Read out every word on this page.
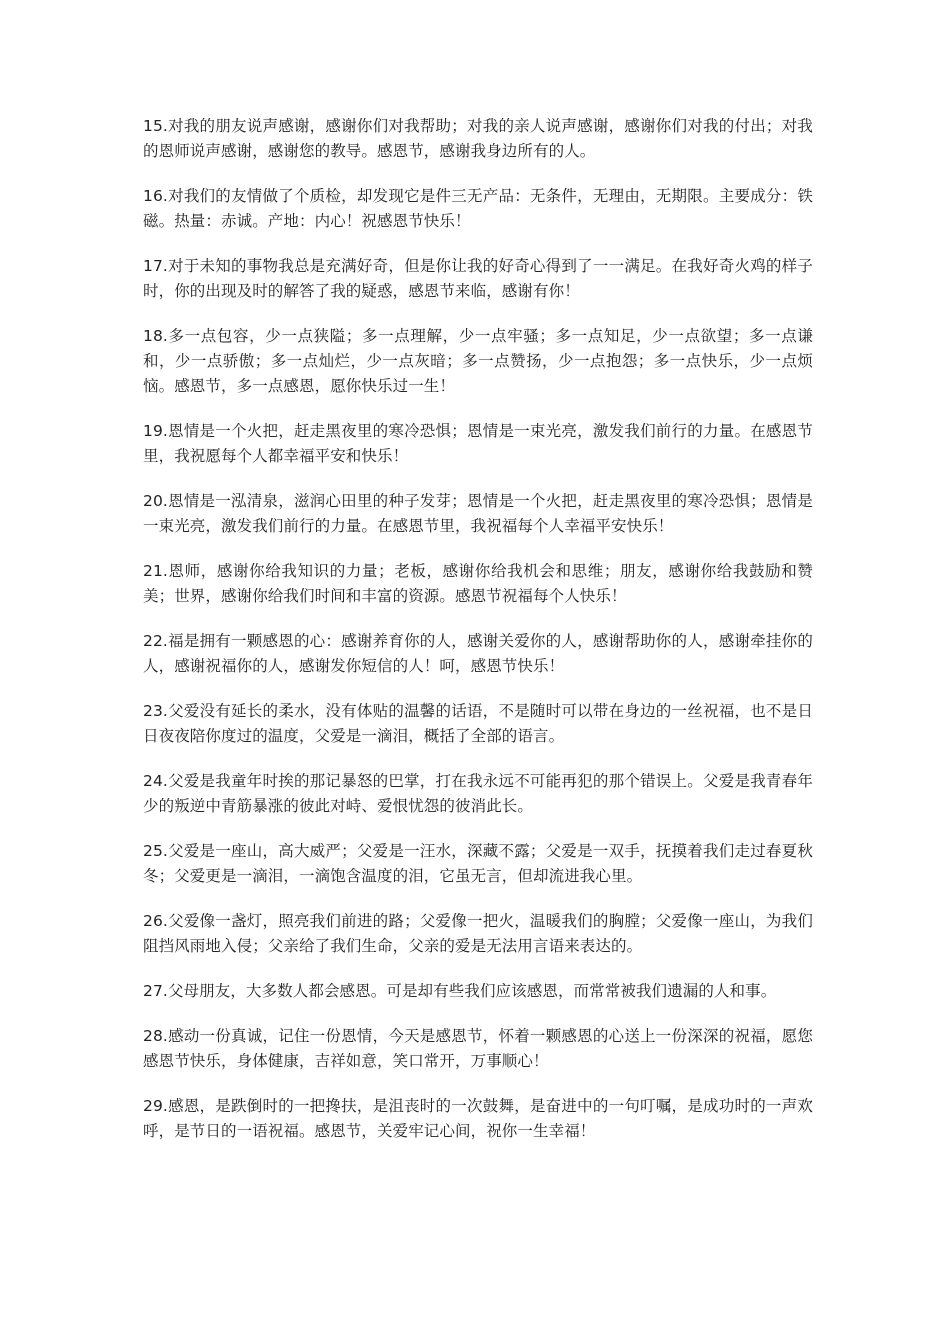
15.对我的朋友说声感谢，感谢你们对我帮助；对我的亲人说声感谢，感谢你们对我的付出；对我的恩师说声感谢，感谢您的教导。感恩节，感谢我身边所有的人。

16.对我们的友情做了个质检，却发现它是件三无产品：无条件，无理由，无期限。主要成分：铁磁。热量：赤诚。产地：内心！祝感恩节快乐！

17.对于未知的事物我总是充满好奇，但是你让我的好奇心得到了一一满足。在我好奇火鸡的样子时，你的出现及时的解答了我的疑惑，感恩节来临，感谢有你！

18.多一点包容，少一点狭隘；多一点理解，少一点牢骚；多一点知足，少一点欲望；多一点谦和，少一点骄傲；多一点灿烂，少一点灰暗；多一点赞扬，少一点抱怨；多一点快乐，少一点烦恼。感恩节，多一点感恩，愿你快乐过一生！

19.恩情是一个火把，赶走黑夜里的寒冷恐惧；恩情是一束光亮，激发我们前行的力量。在感恩节里，我祝愿每个人都幸福平安和快乐！

20.恩情是一泓清泉，滋润心田里的种子发芽；恩情是一个火把，赶走黑夜里的寒冷恐惧；恩情是一束光亮，激发我们前行的力量。在感恩节里，我祝福每个人幸福平安快乐！

21.恩师，感谢你给我知识的力量；老板，感谢你给我机会和思维；朋友，感谢你给我鼓励和赞美；世界，感谢你给我们时间和丰富的资源。感恩节祝福每个人快乐！

22.福是拥有一颗感恩的心：感谢养育你的人，感谢关爱你的人，感谢帮助你的人，感谢牵挂你的人，感谢祝福你的人，感谢发你短信的人！呵，感恩节快乐！

23.父爱没有延长的柔水，没有体贴的温馨的话语，不是随时可以带在身边的一丝祝福，也不是日日夜夜陪你度过的温度，父爱是一滴泪，概括了全部的语言。

24.父爱是我童年时挨的那记暴怒的巴掌，打在我永远不可能再犯的那个错误上。父爱是我青春年少的叛逆中青筋暴涨的彼此对峙、爱恨忧怨的彼消此长。

25.父爱是一座山，高大威严；父爱是一汪水，深藏不露；父爱是一双手，抚摸着我们走过春夏秋冬；父爱更是一滴泪，一滴饱含温度的泪，它虽无言，但却流进我心里。

26.父爱像一盏灯，照亮我们前进的路；父爱像一把火，温暖我们的胸膛；父爱像一座山，为我们阻挡风雨地入侵；父亲给了我们生命，父亲的爱是无法用言语来表达的。

27.父母朋友，大多数人都会感恩。可是却有些我们应该感恩，而常常被我们遗漏的人和事。

28.感动一份真诚，记住一份恩情，今天是感恩节，怀着一颗感恩的心送上一份深深的祝福，愿您感恩节快乐，身体健康，吉祥如意，笑口常开，万事顺心！

29.感恩，是跌倒时的一把搀扶，是沮丧时的一次鼓舞，是奋进中的一句叮嘱，是成功时的一声欢呼，是节日的一语祝福。感恩节，关爱牢记心间，祝你一生幸福！
